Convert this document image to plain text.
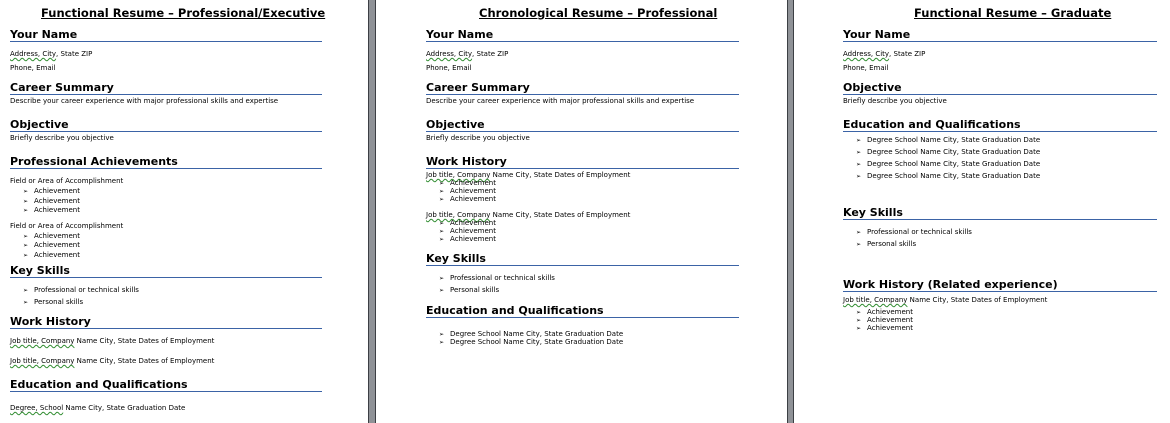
Functional Resume – Professional/Executive
Your Name
Address, City, State ZIP
Phone, Email
Career Summary
Describe your career experience with major professional skills and expertise
Objective
Briefly describe you objective
Professional Achievements
Field or Area of Accomplishment
➢ Achievement
➢ Achievement
➢ Achievement
Field or Area of Accomplishment
➢ Achievement
➢ Achievement
➢ Achievement
Key Skills
➢ Professional or technical skills
➢ Personal skills
Work History
Job title, Company Name City, State Dates of Employment
Job title, Company Name City, State Dates of Employment
Education and Qualifications
Degree, School Name City, State Graduation Date
Chronological Resume – Professional
Your Name
Address, City, State ZIP
Phone, Email
Career Summary
Describe your career experience with major professional skills and expertise
Objective
Briefly describe you objective
Work History
Job title, Company Name City, State Dates of Employment
➢ Achievement
➢ Achievement
➢ Achievement
Job title, Company Name City, State Dates of Employment
➢ Achievement
➢ Achievement
➢ Achievement
Key Skills
➢ Professional or technical skills
➢ Personal skills
Education and Qualifications
➢ Degree School Name City, State Graduation Date
➢ Degree School Name City, State Graduation Date
Functional Resume – Graduate
Your Name
Address, City, State ZIP
Phone, Email
Objective
Briefly describe you objective
Education and Qualifications
➢ Degree School Name City, State Graduation Date
➢ Degree School Name City, State Graduation Date
➢ Degree School Name City, State Graduation Date
➢ Degree School Name City, State Graduation Date
Key Skills
➢ Professional or technical skills
➢ Personal skills
Work History (Related experience)
Job title, Company Name City, State Dates of Employment
➢ Achievement
➢ Achievement
➢ Achievement
